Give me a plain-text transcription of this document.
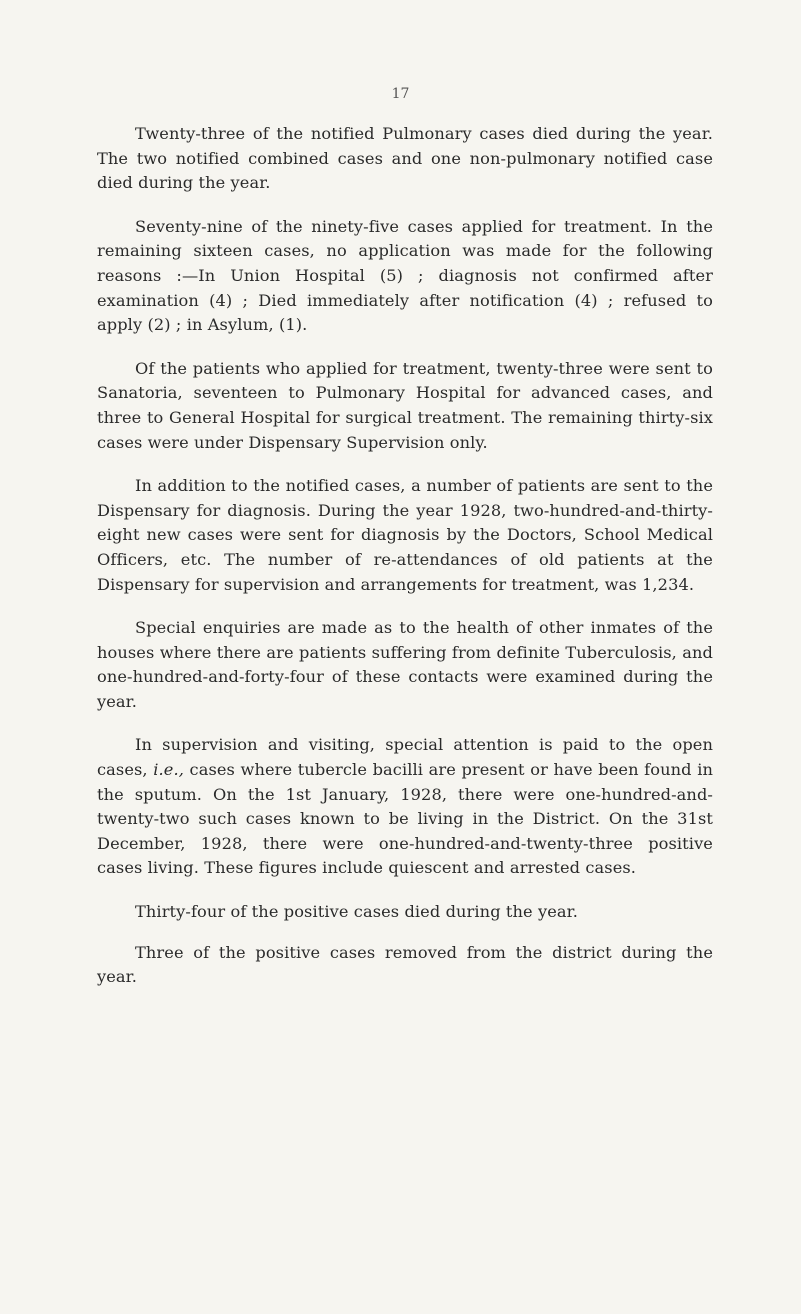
17

Twenty-three of the notified Pulmonary cases died during the year. The two notified combined cases and one non-pulmonary notified case died during the year.

Seventy-nine of the ninety-five cases applied for treatment. In the remaining sixteen cases, no application was made for the following reasons :—In Union Hospital (5) ; diagnosis not confirmed after examination (4) ; Died immediately after notification (4) ; refused to apply (2) ; in Asylum, (1).

Of the patients who applied for treatment, twenty-three were sent to Sanatoria, seventeen to Pulmonary Hospital for advanced cases, and three to General Hospital for surgical treatment. The remaining thirty-six cases were under Dispensary Supervision only.

In addition to the notified cases, a number of patients are sent to the Dispensary for diagnosis. During the year 1928, two-hundred-and-thirty-eight new cases were sent for diagnosis by the Doctors, School Medical Officers, etc. The number of re-attendances of old patients at the Dispensary for supervision and arrangements for treatment, was 1,234.

Special enquiries are made as to the health of other inmates of the houses where there are patients suffering from definite Tuberculosis, and one-hundred-and-forty-four of these contacts were examined during the year.

In supervision and visiting, special attention is paid to the open cases, i.e., cases where tubercle bacilli are present or have been found in the sputum. On the 1st January, 1928, there were one-hundred-and-twenty-two such cases known to be living in the District. On the 31st December, 1928, there were one-hundred-and-twenty-three positive cases living. These figures include quiescent and arrested cases.

Thirty-four of the positive cases died during the year.

Three of the positive cases removed from the district during the year.
